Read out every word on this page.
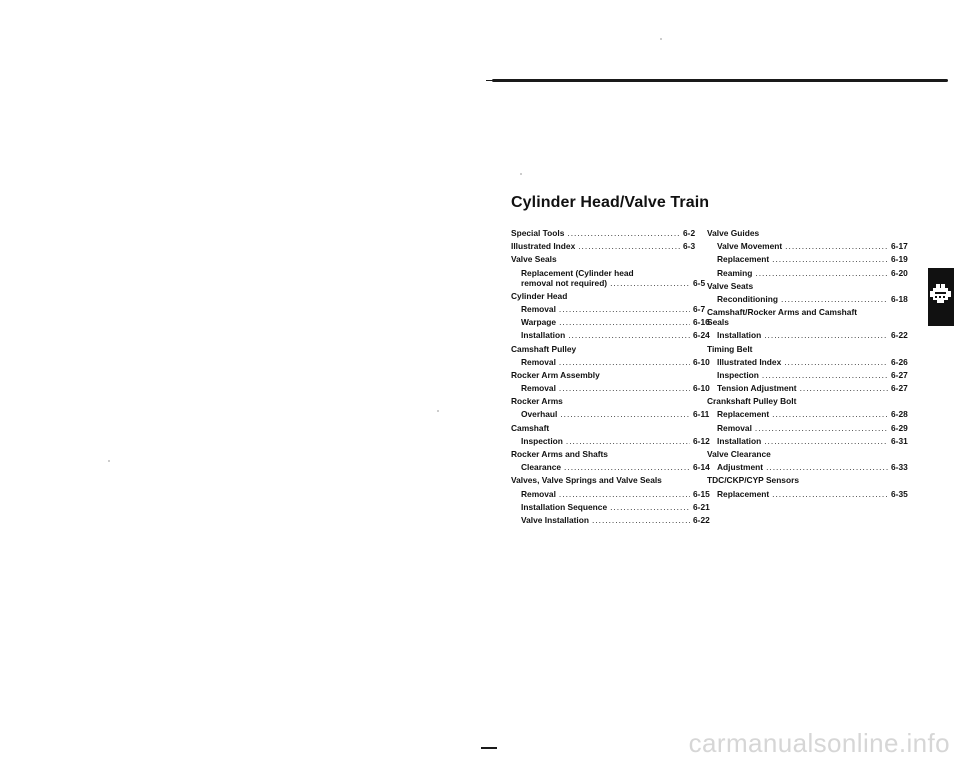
Cylinder Head/Valve Train
Special Tools .....	6-2
Illustrated Index .....	6-3
Valve Seals
Replacement (Cylinder head
removal not required) .....	6-5
Cylinder Head
Removal .....	6-7
Warpage .....	6-16
Installation .....	6-24
Camshaft Pulley
Removal .....	6-10
Rocker Arm Assembly
Removal .....	6-10
Rocker Arms
Overhaul .....	6-11
Camshaft
Inspection .....	6-12
Rocker Arms and Shafts
Clearance .....	6-14
Valves, Valve Springs and Valve Seals
Removal .....	6-15
Installation Sequence .....	6-21
Valve Installation .....	6-22
Valve Guides
Valve Movement .....	6-17
Replacement .....	6-19
Reaming .....	6-20
Valve Seats
Reconditioning .....	6-18
Camshaft/Rocker Arms and Camshaft Seals
Installation .....	6-22
Timing Belt
Illustrated Index .....	6-26
Inspection .....	6-27
Tension Adjustment .....	6-27
Crankshaft Pulley Bolt
Replacement .....	6-28
Removal .....	6-29
Installation .....	6-31
Valve Clearance
Adjustment .....	6-33
TDC/CKP/CYP Sensors
Replacement .....	6-35
carmanualsonline.info
